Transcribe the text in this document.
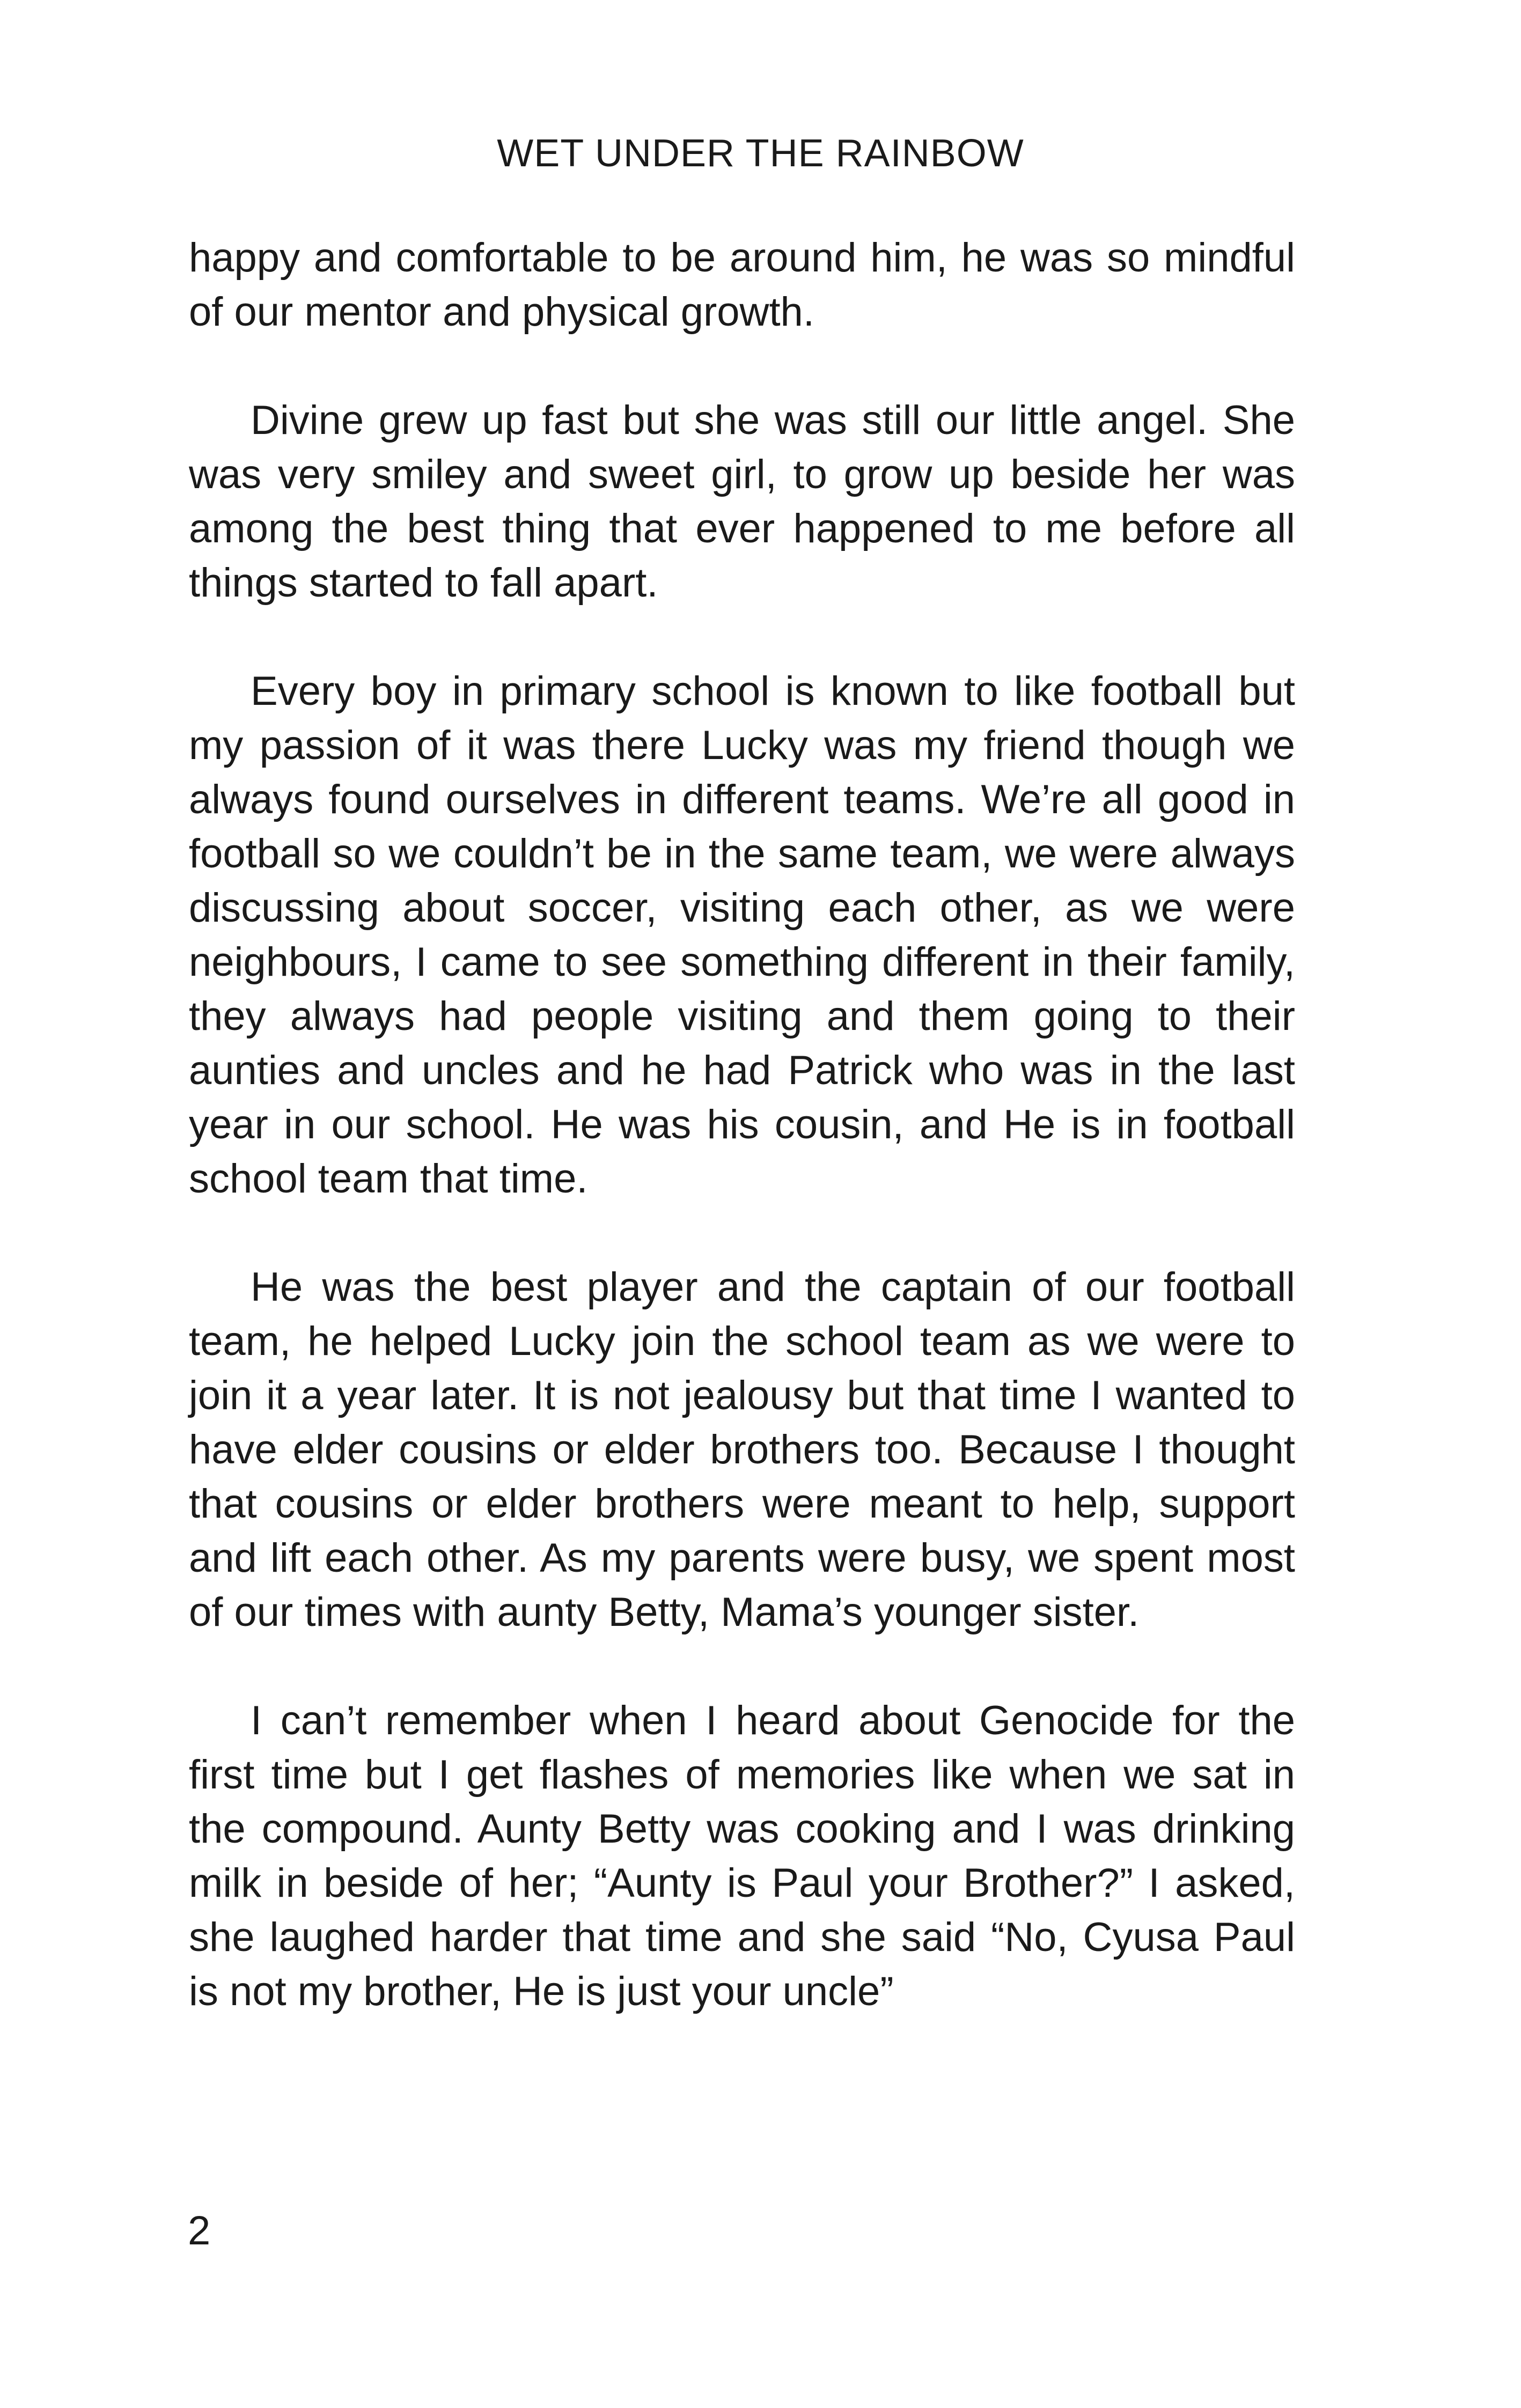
WET UNDER THE RAINBOW

happy and comfortable to be around him, he was so mindful of our mentor and physical growth.

Divine grew up fast but she was still our little angel. She was very smiley and sweet girl, to grow up beside her was among the best thing that ever happened to me before all things started to fall apart.

Every boy in primary school is known to like football but my passion of it was there Lucky was my friend though we always found ourselves in different teams. We’re all good in football so we couldn’t be in the same team, we were always discussing about soccer, visiting each other, as we were neighbours, I came to see something different in their family, they always had people visiting and them going to their aunties and uncles and he had Patrick who was in the last year in our school. He was his cousin, and He is in football school team that time.

He was the best player and the captain of our football team, he helped Lucky join the school team as we were to join it a year later. It is not jealousy but that time I wanted to have elder cousins or elder brothers too. Because I thought that cousins or elder brothers were meant to help, support and lift each other. As my parents were busy, we spent most of our times with aunty Betty, Mama’s younger sister.

I can’t remember when I heard about Genocide for the first time but I get flashes of memories like when we sat in the compound. Aunty Betty was cooking and I was drinking milk in beside of her; “Aunty is Paul your Brother?” I asked, she laughed harder that time and she said “No, Cyusa Paul is not my brother, He is just your uncle”

2
